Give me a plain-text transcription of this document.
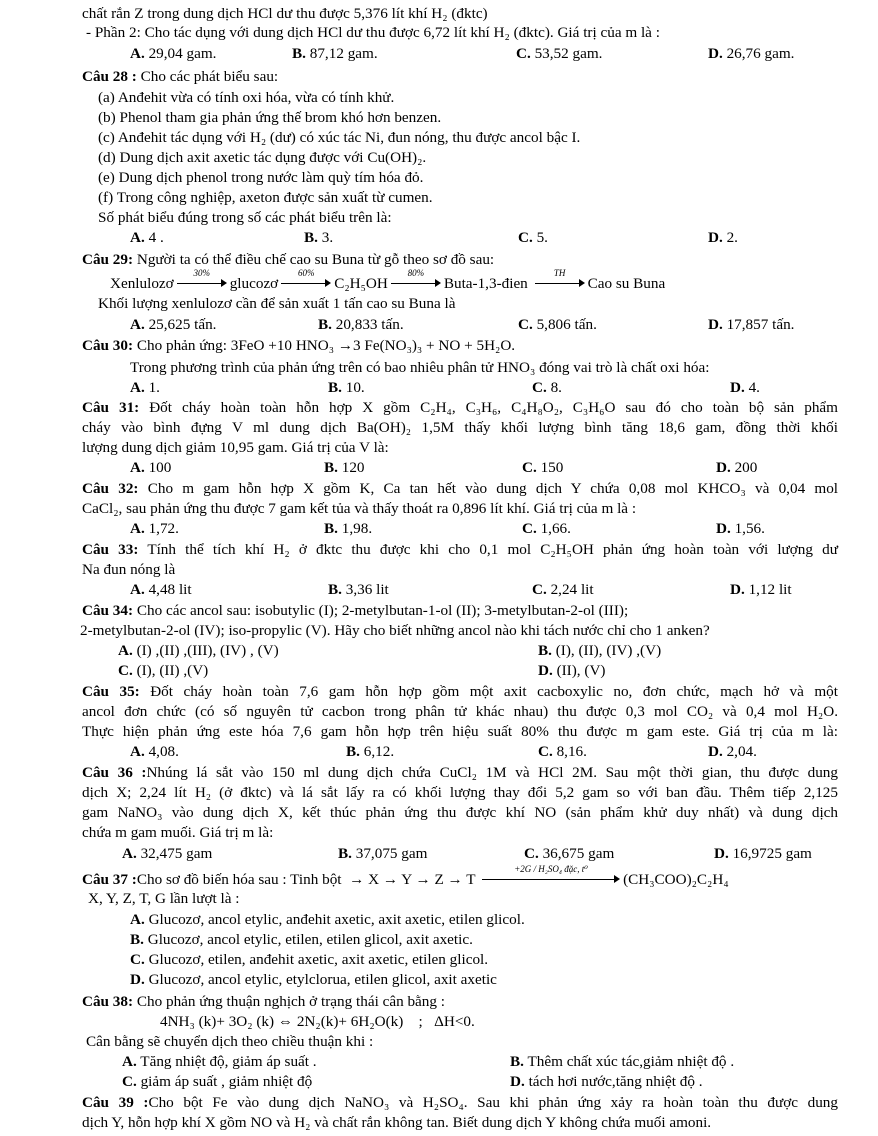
chất rắn Z trong dung dịch HCl dư thu được 5,376 lít khí H₂ (đktc)
- Phần 2: Cho tác dụng với dung dịch HCl dư thu được 6,72 lít khí H₂ (đktc). Giá trị của m là :
A. 29,04 gam.	B. 87,12 gam.	C. 53,52 gam.	D. 26,76 gam.
Câu 28 : Cho các phát biểu sau:
(a) Anđehit vừa có tính oxi hóa, vừa có tính khử.
(b) Phenol tham gia phản ứng thế brom khó hơn benzen.
(c) Anđehit tác dụng với H₂ (dư) có xúc tác Ni, đun nóng, thu được ancol bậc I.
(d) Dung dịch axit axetic tác dụng được với Cu(OH)₂.
(e) Dung dịch phenol trong nước làm quỳ tím hóa đỏ.
(f) Trong công nghiệp, axeton được sản xuất từ cumen.
Số phát biểu đúng trong số các phát biểu trên là:
A. 4 .	B. 3.	C. 5.	D. 2.
Câu 29: Người ta có thể điều chế cao su Buna từ gỗ theo sơ đồ sau:
Xenlulozơ
30%
glucozơ
60%
C₂H₅OH
80%
Buta-1,3-đien
TH
Cao su Buna
Khối lượng xenlulozơ cần để sản xuất 1 tấn cao su Buna là
A. 25,625 tấn.	B. 20,833 tấn.	C. 5,806 tấn.	D. 17,857 tấn.
Câu 30: Cho phản ứng: 3FeO +10 HNO₃ →3 Fe(NO₃)₃ + NO + 5H₂O.
Trong phương trình của phản ứng trên có bao nhiêu phân tử HNO₃ đóng vai trò là chất oxi hóa:
A. 1.	B. 10.	C. 8.	D. 4.
Câu 31: Đốt cháy hoàn toàn hỗn hợp X gồm C₂H₄, C₃H₆, C₄H₈O₂, C₃H₆O sau đó cho toàn bộ sản phẩm
cháy vào bình đựng V ml dung dịch Ba(OH)₂ 1,5M thấy khối lượng bình tăng 18,6 gam, đồng thời khối
lượng dung dịch giảm 10,95 gam. Giá trị của V là:
A. 100	B. 120	C. 150	D. 200
Câu 32: Cho m gam hỗn hợp X gồm K, Ca tan hết vào dung dịch Y chứa 0,08 mol KHCO₃ và 0,04 mol
CaCl₂, sau phản ứng thu được 7 gam kết tủa và thấy thoát ra 0,896 lít khí. Giá trị của m là :
A. 1,72.	B. 1,98.	C. 1,66.	D. 1,56.
Câu 33: Tính thể tích khí H₂ ở đktc thu được khi cho 0,1 mol C₂H₅OH phản ứng hoàn toàn với lượng dư
Na đun nóng là
A. 4,48 lit	B. 3,36 lit	C. 2,24 lit	D. 1,12 lit
Câu 34: Cho các ancol sau: isobutylic (I); 2-metylbutan-1-ol (II); 3-metylbutan-2-ol (III);
2-metylbutan-2-ol (IV); iso-propylic (V). Hãy cho biết những ancol nào khi tách nước chỉ cho 1 anken?
A. (I) ,(II) ,(III), (IV) , (V)	B. (I), (II), (IV) ,(V)
C. (I), (II) ,(V)	D. (II), (V)
Câu 35: Đốt cháy hoàn toàn 7,6 gam hỗn hợp gồm một axit cacboxylic no, đơn chức, mạch hở và một
ancol đơn chức (có số nguyên tử cacbon trong phân tử khác nhau) thu được 0,3 mol CO₂ và 0,4 mol H₂O.
Thực hiện phản ứng este hóa 7,6 gam hỗn hợp trên hiệu suất 80% thu được m gam este. Giá trị của m là:
A. 4,08.	B. 6,12.	C. 8,16.	D. 2,04.
Câu 36 :Nhúng lá sắt vào 150 ml dung dịch chứa CuCl₂ 1M và HCl 2M. Sau một thời gian, thu được dung
dịch X; 2,24 lít H₂ (ở đktc) và lá sắt lấy ra có khối lượng thay đổi 5,2 gam so với ban đầu. Thêm tiếp 2,125
gam NaNO₃ vào dung dịch X, kết thúc phản ứng thu được khí NO (sản phẩm khử duy nhất) và dung dịch
chứa m gam muối. Giá trị m là:
A. 32,475 gam	B. 37,075 gam	C. 36,675 gam	D. 16,9725 gam
Câu 37 :Cho sơ đồ biến hóa sau : Tinh bột → X → Y → Z → T
+2G / H₂SO₄ đặc, t⁰
(CH₃COO)₂C₂H₄
X, Y, Z, T, G lần lượt là :
A. Glucozơ, ancol etylic, anđehit axetic, axit axetic, etilen glicol.
B. Glucozơ, ancol etylic, etilen, etilen glicol, axit axetic.
C. Glucozơ, etilen, anđehit axetic, axit axetic, etilen glicol.
D. Glucozơ, ancol etylic, etylclorua, etilen glicol, axit axetic
Câu 38: Cho phản ứng thuận nghịch ở trạng thái cân bằng :
4NH₃ (k)+ 3O₂ (k) ⇔ 2N₂(k)+ 6H₂O(k)    ;   ΔH<0.
Cân bằng sẽ chuyển dịch theo chiều thuận khi :
A. Tăng nhiệt độ, giảm áp suất .	B. Thêm chất xúc tác,giảm nhiệt độ .
C. giảm áp suất , giảm nhiệt độ	D. tách hơi nước,tăng nhiệt độ .
Câu 39 :Cho bột Fe vào dung dịch NaNO₃ và H₂SO₄. Sau khi phản ứng xảy ra hoàn toàn thu được dung
dịch Y, hỗn hợp khí X gồm NO và H₂ và chất rắn không tan. Biết dung dịch Y không chứa muối amoni.
